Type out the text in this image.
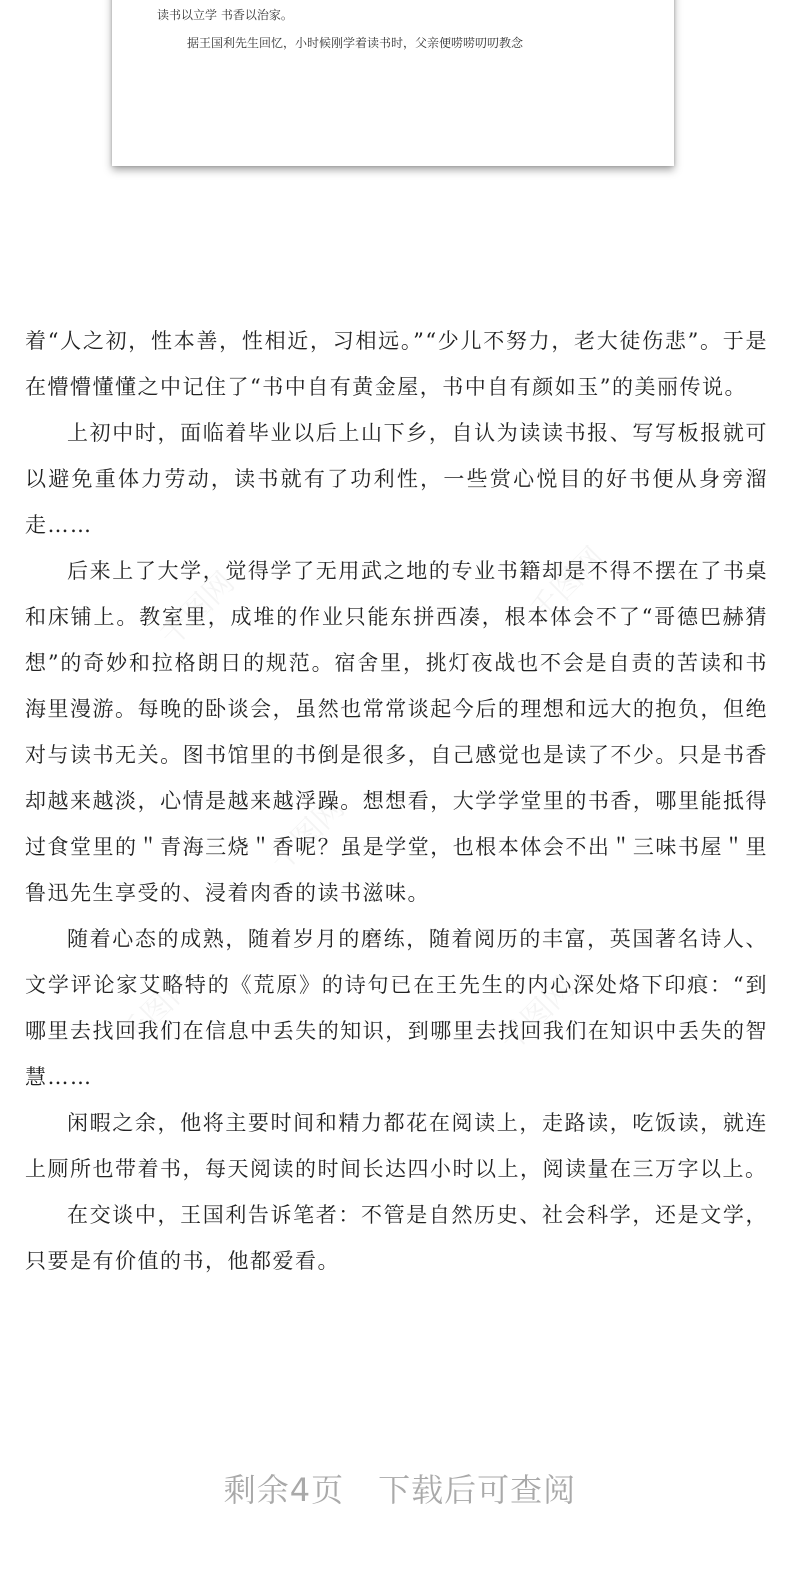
读书以立学 书香以治家。
据王国利先生回忆，小时候刚学着读书时，父亲便唠唠叨叨教念

着“人之初，性本善，性相近，习相远。”“少儿不努力，老大徒伤悲”。于是在懵懵懂懂之中记住了“书中自有黄金屋，书中自有颜如玉”的美丽传说。

上初中时，面临着毕业以后上山下乡，自认为读读书报、写写板报就可以避免重体力劳动，读书就有了功利性，一些赏心悦目的好书便从身旁溜走……

后来上了大学，觉得学了无用武之地的专业书籍却是不得不摆在了书桌和床铺上。教室里，成堆的作业只能东拼西凑，根本体会不了“哥德巴赫猜想”的奇妙和拉格朗日的规范。宿舍里，挑灯夜战也不会是自责的苦读和书海里漫游。每晚的卧谈会，虽然也常常谈起今后的理想和远大的抱负，但绝对与读书无关。图书馆里的书倒是很多，自己感觉也是读了不少。只是书香却越来越淡，心情是越来越浮躁。想想看，大学学堂里的书香，哪里能抵得过食堂里的＂青海三烧＂香呢？虽是学堂，也根本体会不出＂三味书屋＂里鲁迅先生享受的、浸着肉香的读书滋味。

随着心态的成熟，随着岁月的磨练，随着阅历的丰富，英国著名诗人、文学评论家艾略特的《荒原》的诗句已在王先生的内心深处烙下印痕：“到哪里去找回我们在信息中丢失的知识，到哪里去找回我们在知识中丢失的智慧……

闲暇之余，他将主要时间和精力都花在阅读上，走路读，吃饭读，就连上厕所也带着书，每天阅读的时间长达四小时以上，阅读量在三万字以上。

在交谈中，王国利告诉笔者：不管是自然历史、社会科学，还是文学，只要是有价值的书，他都爱看。

剩余4页 下载后可查阅
